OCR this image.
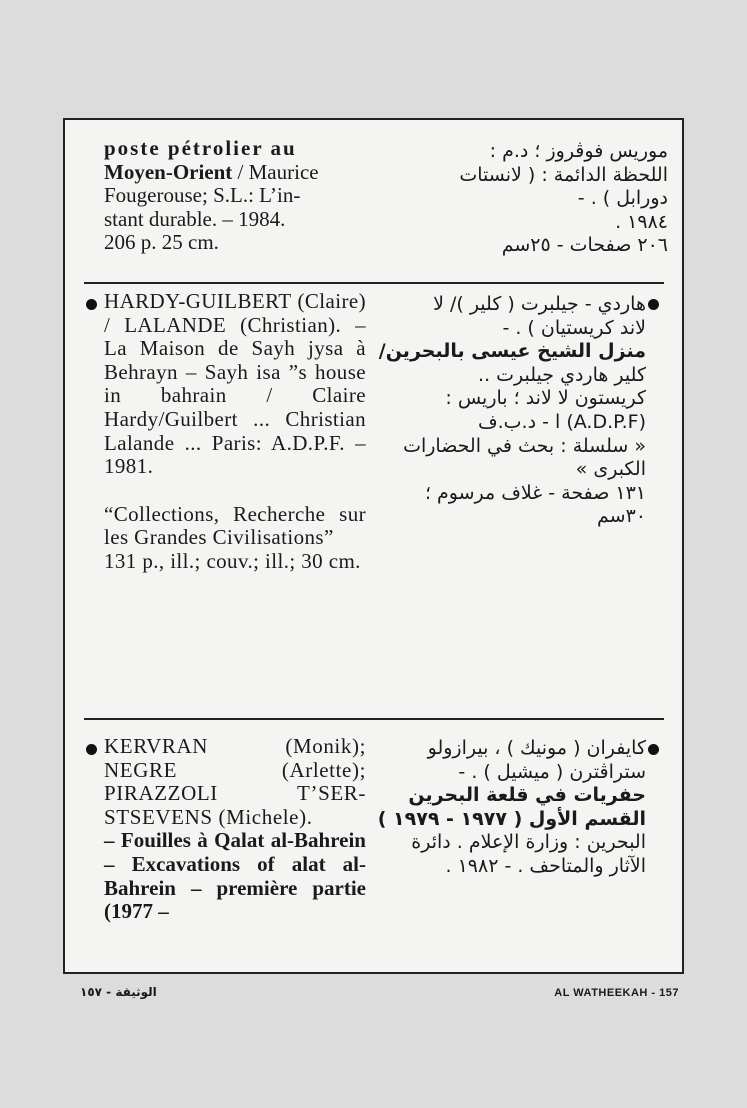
poste pétrolier au

Moyen-Orient / Maurice

Fougerouse; S.L.: L’in-

stant durable. – 1984.

206 p. 25 cm.

موريس فوڤروز ؛ د.م :

اللحظة الدائمة : ( لانستات

دورابل ) . -

١٩٨٤ .

٢٠٦ صفحات - ٢٥سم

HARDY-GUILBERT (Claire) / LALANDE (Christian). – La Maison de Sayh jysa à Behrayn – Sayh isa ”s house in bahrain / Claire Hardy/Guilbert ... Christian Lalande ... Paris: A.D.P.F. – 1981.

“Collections, Recherche sur les Grandes Civilisations”

131 p., ill.; couv.; ill.; 30 cm.

هاردي - جيلبرت ( كلير )/ لا

لاند كريستيان ) . -

منزل الشيخ عيسى بالبحرين/

كلير هاردي جيلبرت ..

كريستون لا لاند ؛ باريس :

(A.D.P.F) ا - د.ب.ف

« سلسلة : بحث في الحضارات

الكبرى »

١٣١ صفحة - غلاف مرسوم ؛

٣٠سم

KERVRAN (Monik); NEGRE (Arlette); PIRAZZOLI T’SER-STSEVENS (Michele).

– Fouilles à Qalat al-Bahrein – Excavations of alat al-Bahrein – première partie (1977 –

كايفران ( مونيك ) ، بيرازولو

ستراڤترن ( ميشيل ) . -

حفريات في قلعة البحرين

القسم الأول ( ١٩٧٧ - ١٩٧٩ )

البحرين : وزارة الإعلام . دائرة

الآثار والمتاحف . - ١٩٨٢ .

الوثيقة - ١٥٧	AL WATHEEKAH - 157
